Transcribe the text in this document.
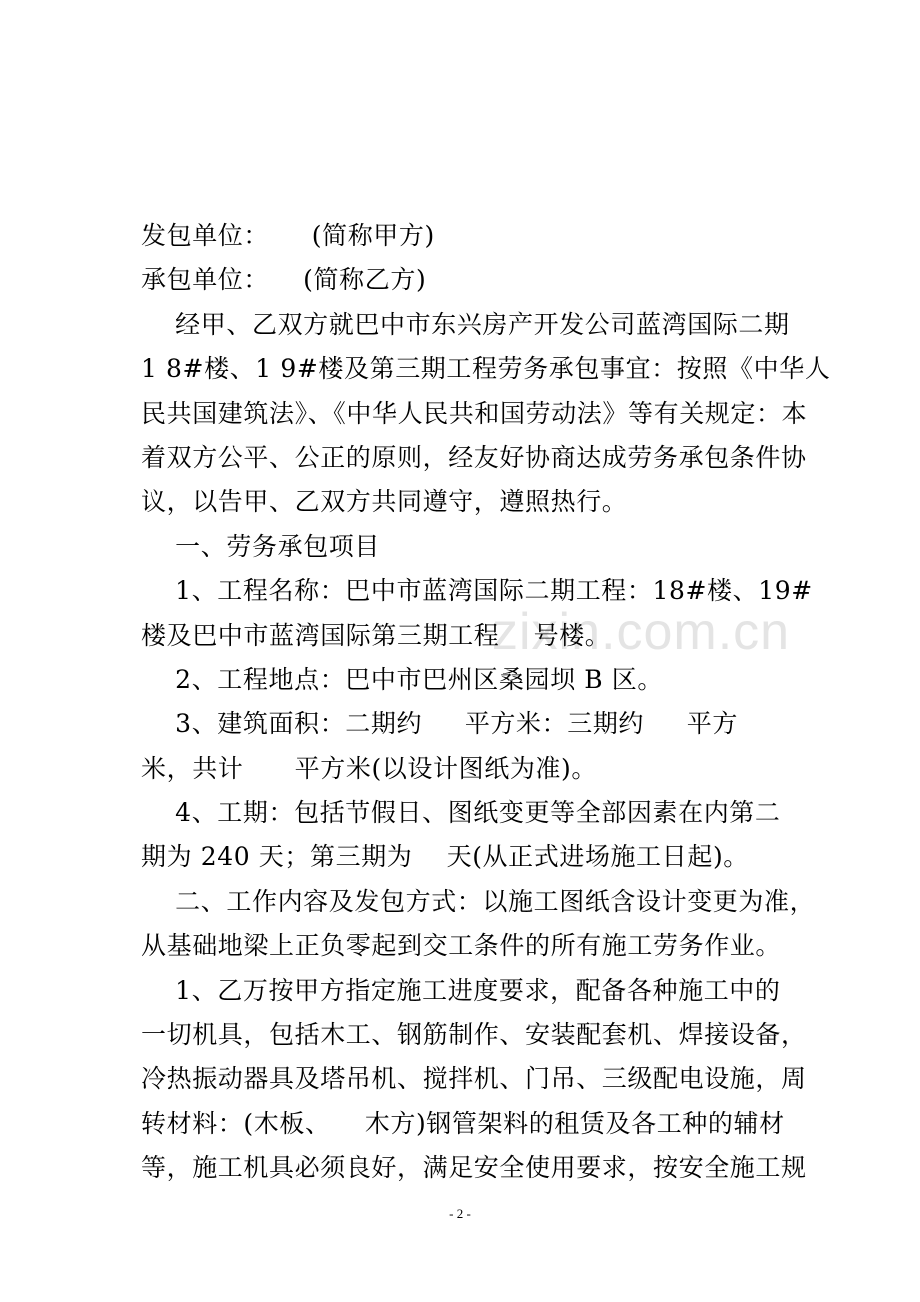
zixin.com.cn
发包单位：     (简称甲方)
承包单位：    (简称乙方)
经甲、乙双方就巴中市东兴房产开发公司蓝湾国际二期
1 8#楼、1 9#楼及第三期工程劳务承包事宜：按照《中华人
民共国建筑法》、《中华人民共和国劳动法》等有关规定：本
着双方公平、公正的原则，经友好协商达成劳务承包条件协
议，以告甲、乙双方共同遵守，遵照热行。
一、劳务承包项目
1、工程名称：巴中市蓝湾国际二期工程：18#楼、19#
楼及巴中市蓝湾国际第三期工程    号楼。
2、工程地点：巴中市巴州区桑园坝 B 区。
3、建筑面积：二期约     平方米：三期约     平方
米，共计      平方米(以设计图纸为准)。
4、工期：包括节假日、图纸变更等全部因素在内第二
期为 240 天；第三期为    天(从正式进场施工日起)。
二、工作内容及发包方式：以施工图纸含设计变更为准，
从基础地梁上正负零起到交工条件的所有施工劳务作业。
1、乙万按甲方指定施工进度要求，配备各种施工中的
一切机具，包括木工、钢筋制作、安装配套机、焊接设备，
冷热振动器具及塔吊机、搅拌机、门吊、三级配电设施，周
转材料：(木板、    木方)钢管架料的租赁及各工种的辅材
等，施工机具必须良好，满足安全使用要求，按安全施工规
- 2 -
